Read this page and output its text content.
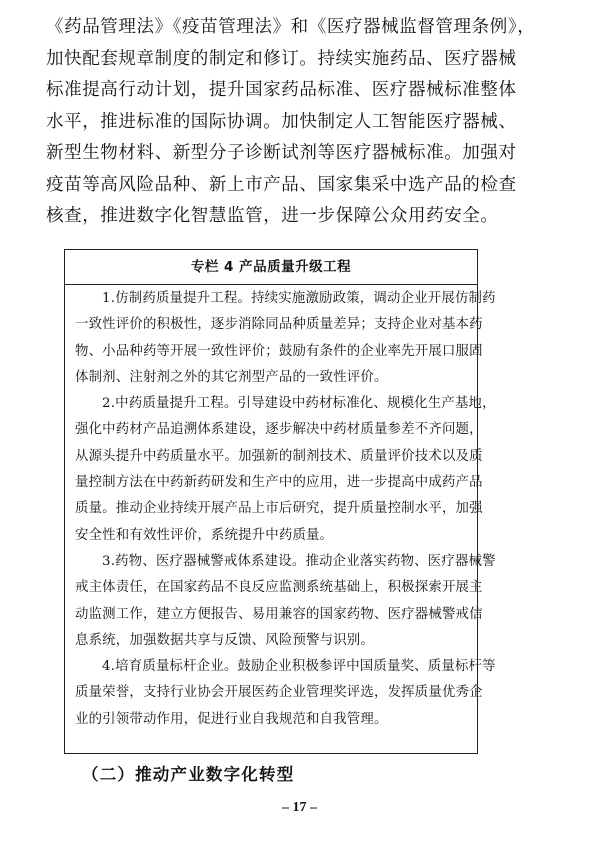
《药品管理法》《疫苗管理法》和《医疗器械监督管理条例》，
加快配套规章制度的制定和修订。持续实施药品、医疗器械
标准提高行动计划，提升国家药品标准、医疗器械标准整体
水平，推进标准的国际协调。加快制定人工智能医疗器械、
新型生物材料、新型分子诊断试剂等医疗器械标准。加强对
疫苗等高风险品种、新上市产品、国家集采中选产品的检查
核查，推进数字化智慧监管，进一步保障公众用药安全。
专栏 4 产品质量升级工程
1.仿制药质量提升工程。持续实施激励政策，调动企业开展仿制药
一致性评价的积极性，逐步消除同品种质量差异；支持企业对基本药
物、小品种药等开展一致性评价；鼓励有条件的企业率先开展口服固
体制剂、注射剂之外的其它剂型产品的一致性评价。
2.中药质量提升工程。引导建设中药材标准化、规模化生产基地，
强化中药材产品追溯体系建设，逐步解决中药材质量参差不齐问题，
从源头提升中药质量水平。加强新的制剂技术、质量评价技术以及质
量控制方法在中药新药研发和生产中的应用，进一步提高中成药产品
质量。推动企业持续开展产品上市后研究，提升质量控制水平，加强
安全性和有效性评价，系统提升中药质量。
3.药物、医疗器械警戒体系建设。推动企业落实药物、医疗器械警
戒主体责任，在国家药品不良反应监测系统基础上，积极探索开展主
动监测工作，建立方便报告、易用兼容的国家药物、医疗器械警戒信
息系统，加强数据共享与反馈、风险预警与识别。
4.培育质量标杆企业。鼓励企业积极参评中国质量奖、质量标杆等
质量荣誉，支持行业协会开展医药企业管理奖评选，发挥质量优秀企
业的引领带动作用，促进行业自我规范和自我管理。
（二）推动产业数字化转型
– 17 –
